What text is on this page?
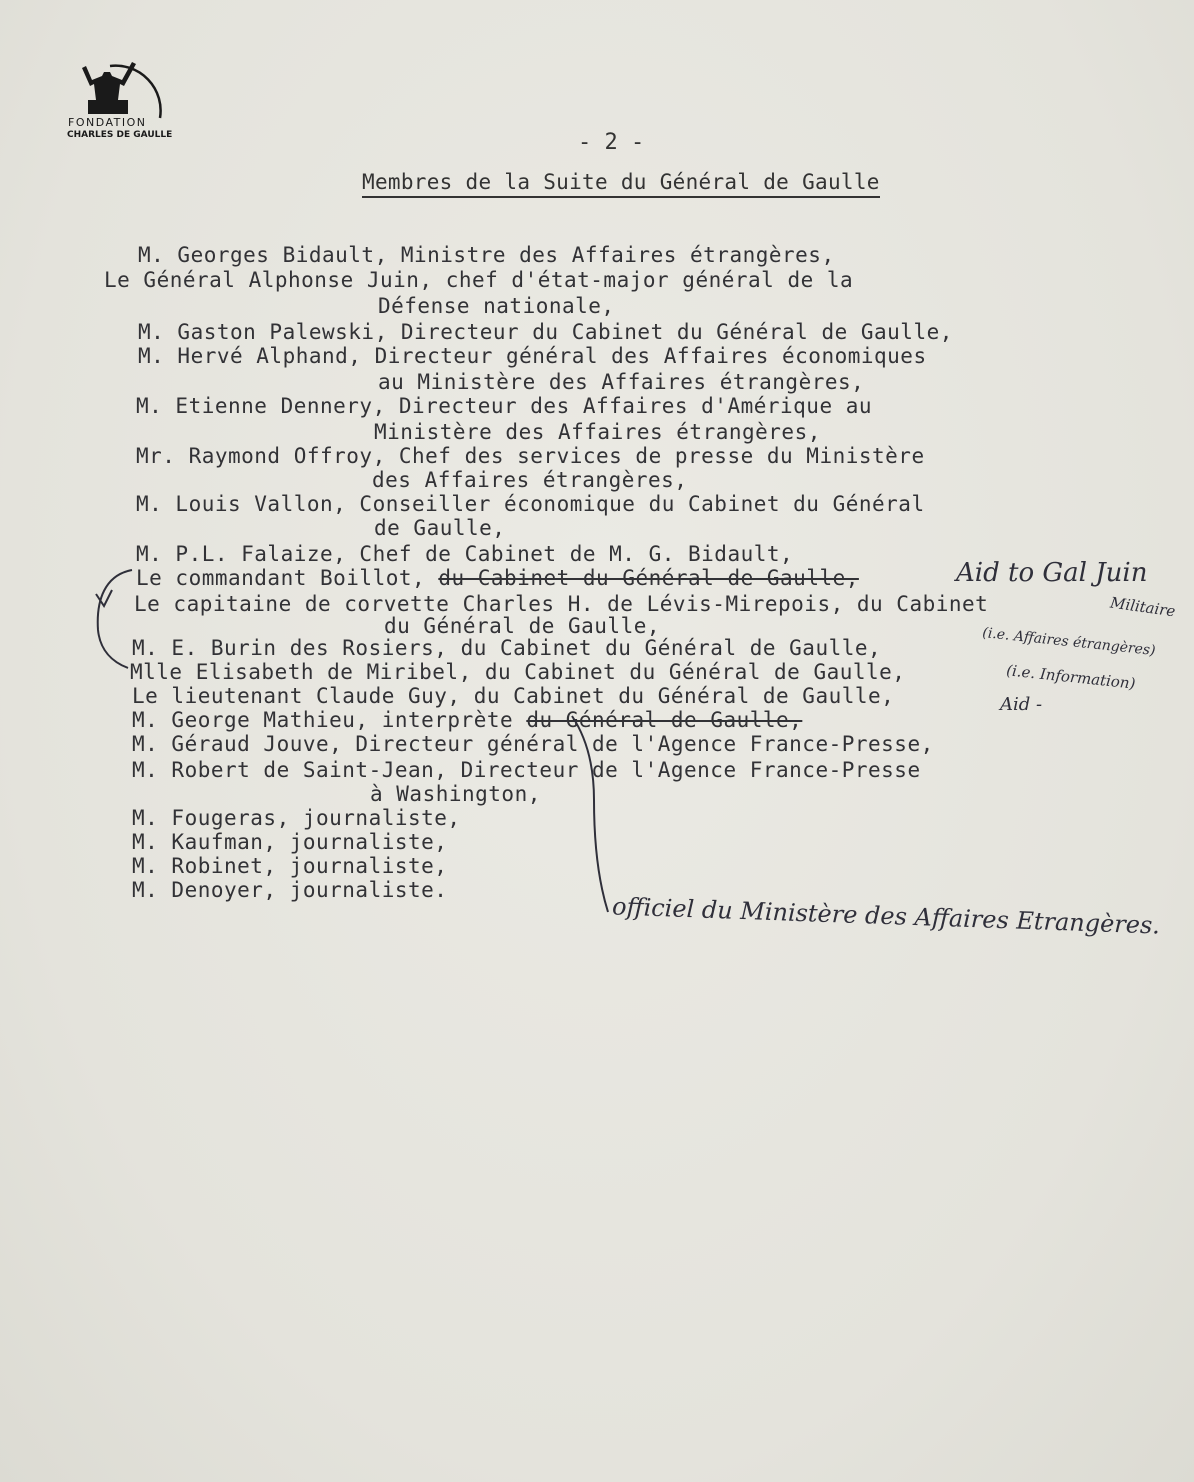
FONDATION
CHARLES DE GAULLE	- 2 -
Membres de la Suite du Général de Gaulle
M. Georges Bidault, Ministre des Affaires étrangères,
Le Général Alphonse Juin, chef d'état-major général de la
Défense nationale,
M. Gaston Palewski, Directeur du Cabinet du Général de Gaulle,
M. Hervé Alphand, Directeur général des Affaires économiques
au Ministère des Affaires étrangères,
M. Etienne Dennery, Directeur des Affaires d'Amérique au
Ministère des Affaires étrangères,
Mr. Raymond Offroy, Chef des services de presse du Ministère
des Affaires étrangères,
M. Louis Vallon, Conseiller économique du Cabinet du Général
de Gaulle,
M. P.L. Falaize, Chef de Cabinet de M. G. Bidault,
Le commandant Boillot, du Cabinet du Général de Gaulle,
Le capitaine de corvette Charles H. de Lévis-Mirepois, du Cabinet
du Général de Gaulle,
M. E. Burin des Rosiers, du Cabinet du Général de Gaulle,
Mlle Elisabeth de Miribel, du Cabinet du Général de Gaulle,
Le lieutenant Claude Guy, du Cabinet du Général de Gaulle,
M. George Mathieu, interprète du Général de Gaulle,
M. Géraud Jouve, Directeur général de l'Agence France-Presse,
M. Robert de Saint-Jean, Directeur de l'Agence France-Presse
à Washington,
M. Fougeras, journaliste,
M. Kaufman, journaliste,
M. Robinet, journaliste,
M. Denoyer, journaliste.
Aid to Gal Juin
Militaire
(i.e. Affaires étrangères)
(i.e. Information)
Aid -
officiel du Ministère des Affaires Etrangères.
